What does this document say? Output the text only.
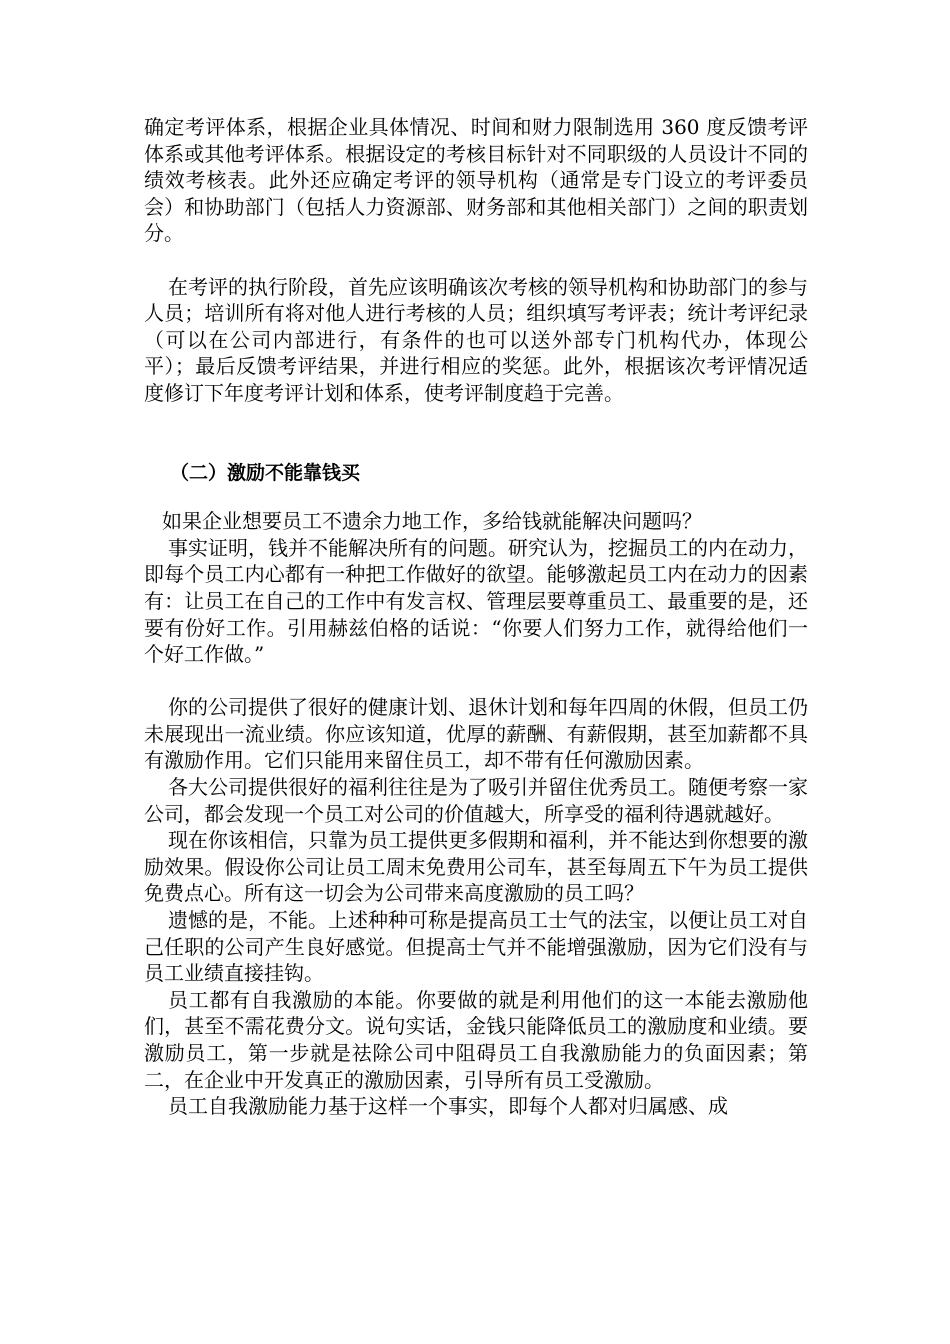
确定考评体系，根据企业具体情况、时间和财力限制选用 360 度反馈考评体系或其他考评体系。根据设定的考核目标针对不同职级的人员设计不同的绩效考核表。此外还应确定考评的领导机构（通常是专门设立的考评委员会）和协助部门（包括人力资源部、财务部和其他相关部门）之间的职责划分。

在考评的执行阶段，首先应该明确该次考核的领导机构和协助部门的参与人员；培训所有将对他人进行考核的人员；组织填写考评表；统计考评纪录（可以在公司内部进行，有条件的也可以送外部专门机构代办，体现公平）；最后反馈考评结果，并进行相应的奖惩。此外，根据该次考评情况适度修订下年度考评计划和体系，使考评制度趋于完善。

（二）激励不能靠钱买

如果企业想要员工不遗余力地工作，多给钱就能解决问题吗？

事实证明，钱并不能解决所有的问题。研究认为，挖掘员工的内在动力，即每个员工内心都有一种把工作做好的欲望。能够激起员工内在动力的因素有：让员工在自己的工作中有发言权、管理层要尊重员工、最重要的是，还要有份好工作。引用赫兹伯格的话说：“你要人们努力工作，就得给他们一个好工作做。”

你的公司提供了很好的健康计划、退休计划和每年四周的休假，但员工仍未展现出一流业绩。你应该知道，优厚的薪酬、有薪假期，甚至加薪都不具有激励作用。它们只能用来留住员工，却不带有任何激励因素。

各大公司提供很好的福利往往是为了吸引并留住优秀员工。随便考察一家公司，都会发现一个员工对公司的价值越大，所享受的福利待遇就越好。

现在你该相信，只靠为员工提供更多假期和福利，并不能达到你想要的激励效果。假设你公司让员工周末免费用公司车，甚至每周五下午为员工提供免费点心。所有这一切会为公司带来高度激励的员工吗？

遗憾的是，不能。上述种种可称是提高员工士气的法宝，以便让员工对自己任职的公司产生良好感觉。但提高士气并不能增强激励，因为它们没有与员工业绩直接挂钩。

员工都有自我激励的本能。你要做的就是利用他们的这一本能去激励他们，甚至不需花费分文。说句实话，金钱只能降低员工的激励度和业绩。要激励员工，第一步就是祛除公司中阻碍员工自我激励能力的负面因素；第二，在企业中开发真正的激励因素，引导所有员工受激励。

员工自我激励能力基于这样一个事实，即每个人都对归属感、成
